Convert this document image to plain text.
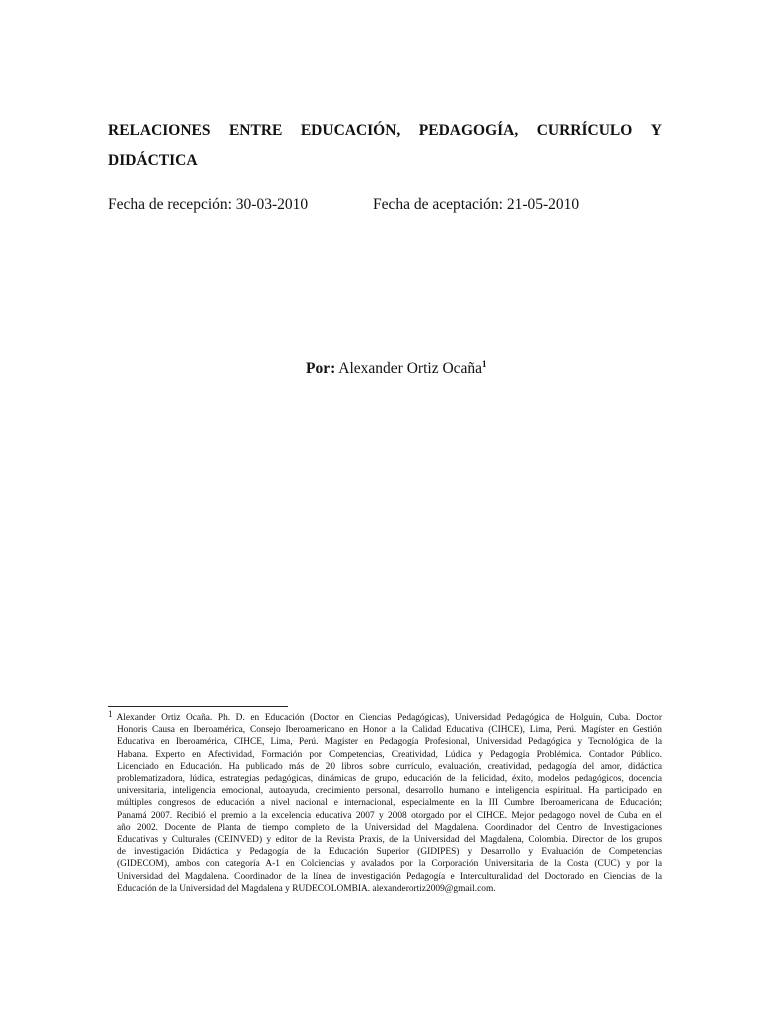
RELACIONES ENTRE EDUCACIÓN, PEDAGOGÍA, CURRÍCULO Y
DIDÁCTICA
Fecha de recepción: 30-03-2010	Fecha de aceptación: 21-05-2010
Por: Alexander Ortiz Ocaña$^1$
1 Alexander Ortiz Ocaña. Ph. D. en Educación (Doctor en Ciencias Pedagógicas), Universidad Pedagógica de Holguín, Cuba. Doctor
Honoris Causa en Iberoamérica, Consejo Iberoamericano en Honor a la Calidad Educativa (CIHCE), Lima, Perú. Magíster en Gestión
Educativa en Iberoamérica, CIHCE, Lima, Perú. Magíster en Pedagogía Profesional, Universidad Pedagógica y Tecnológica de la
Habana. Experto en Afectividad, Formación por Competencias, Creatividad, Lúdica y Pedagogía Problémica. Contador Público.
Licenciado en Educación. Ha publicado más de 20 libros sobre currículo, evaluación, creatividad, pedagogía del amor, didáctica
problematizadora, lúdica, estrategias pedagógicas, dinámicas de grupo, educación de la felicidad, éxito, modelos pedagógicos, docencia
universitaria, inteligencia emocional, autoayuda, crecimiento personal, desarrollo humano e inteligencia espiritual. Ha participado en
múltiples congresos de educación a nivel nacional e internacional, especialmente en la III Cumbre Iberoamericana de Educación;
Panamá 2007. Recibió el premio a la excelencia educativa 2007 y 2008 otorgado por el CIHCE. Mejor pedagogo novel de Cuba en el
año 2002. Docente de Planta de tiempo completo de la Universidad del Magdalena. Coordinador del Centro de Investigaciones
Educativas y Culturales (CEINVED) y editor de la Revista Praxis, de la Universidad del Magdalena, Colombia. Director de los grupos
de investigación Didáctica y Pedagogía de la Educación Superior (GIDIPES) y Desarrollo y Evaluación de Competencias
(GIDECOM), ambos con categoría A-1 en Colciencias y avalados por la Corporación Universitaria de la Costa (CUC) y por la
Universidad del Magdalena. Coordinador de la línea de investigación Pedagogía e Interculturalidad del Doctorado en Ciencias de la
Educación de la Universidad del Magdalena y RUDECOLOMBIA. alexanderortiz2009@gmail.com.
